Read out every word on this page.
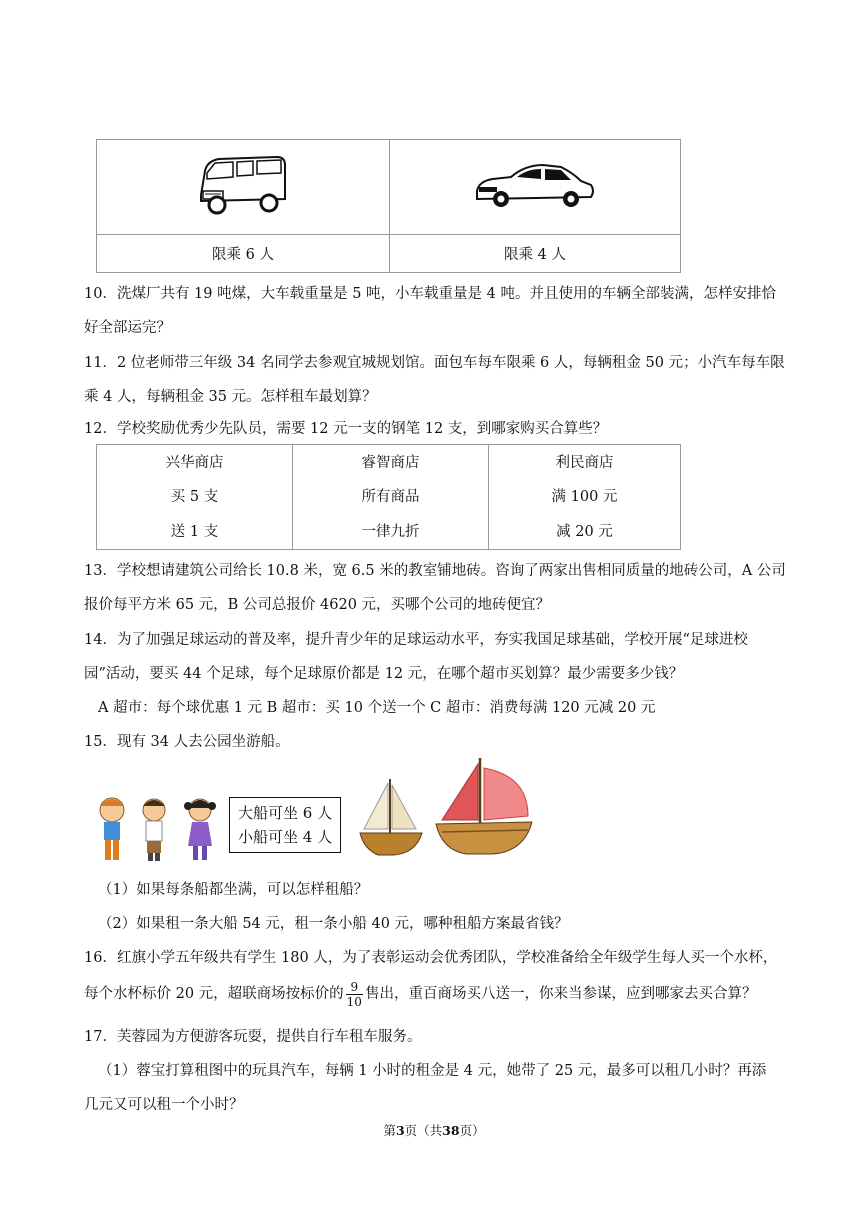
限乘 6 人	限乘 4 人
10．洗煤厂共有 19 吨煤，大车载重量是 5 吨，小车载重量是 4 吨。并且使用的车辆全部装满，怎样安排恰
好全部运完？
11．2 位老师带三年级 34 名同学去参观宜城规划馆。面包车每车限乘 6 人，每辆租金 50 元；小汽车每车限
乘 4 人，每辆租金 35 元。怎样租车最划算？
12．学校奖励优秀少先队员，需要 12 元一支的钢笔 12 支，到哪家购买合算些？
兴华商店	睿智商店	利民商店
买 5 支	所有商品	满 100 元
送 1 支	一律九折	减 20 元
13．学校想请建筑公司给长 10.8 米，宽 6.5 米的教室铺地砖。咨询了两家出售相同质量的地砖公司，A 公司
报价每平方米 65 元，B 公司总报价 4620 元，买哪个公司的地砖便宜？
14．为了加强足球运动的普及率，提升青少年的足球运动水平，夯实我国足球基础，学校开展“足球进校
园”活动，要买 44 个足球，每个足球原价都是 12 元，在哪个超市买划算？最少需要多少钱？
A 超市：每个球优惠 1 元 B 超市：买 10 个送一个 C 超市：消费每满 120 元减 20 元
15．现有 34 人去公园坐游船。
大船可坐 6 人
小船可坐 4 人
（1）如果每条船都坐满，可以怎样租船？
（2）如果租一条大船 54 元，租一条小船 40 元，哪种租船方案最省钱？
16．红旗小学五年级共有学生 180 人，为了表彰运动会优秀团队，学校准备给全年级学生每人买一个水杯，
每个水杯标价 20 元，超联商场按标价的 $\frac{9}{10}$ 售出，重百商场买八送一，你来当参谋，应到哪家去买合算？
17．芙蓉园为方便游客玩耍，提供自行车租车服务。
（1）蓉宝打算租图中的玩具汽车，每辆 1 小时的租金是 4 元，她带了 25 元，最多可以租几小时？再添
几元又可以租一个小时？
第3页（共38页）
